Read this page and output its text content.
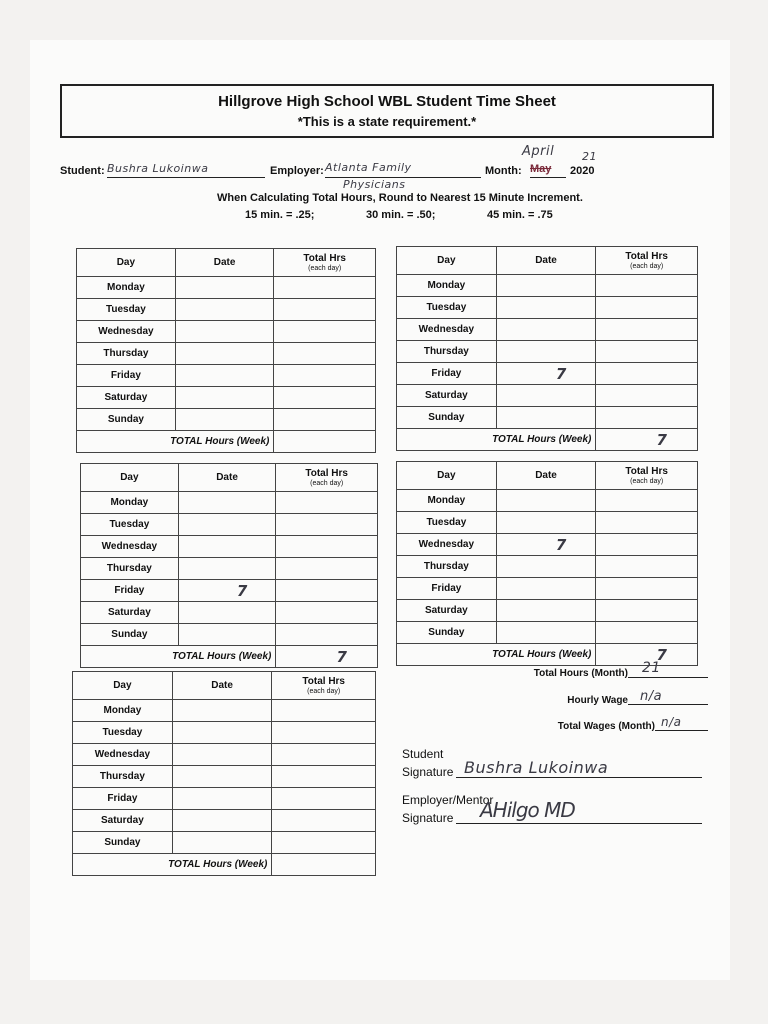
Hillgrove High School WBL Student Time Sheet
*This is a state requirement.*
Student: Bushra Lukoinwa	Employer: Atlanta Family
Physicians
Month:
April	21
May	2020
When Calculating Total Hours, Round to Nearest 15 Minute Increment.
15 min. = .25;	30 min. = .50;	45 min. = .75
Day	Date	Total Hrs
(each day)

Monday		
Tuesday		
Wednesday		
Thursday		
Friday		
Saturday		
Sunday		
TOTAL Hours (Week)		
Day	Date	Total Hrs
(each day)

Monday		
Tuesday		
Wednesday		
Thursday		
Friday	7	
Saturday		
Sunday		
TOTAL Hours (Week)		7
Day	Date	Total Hrs
(each day)

Monday		
Tuesday		
Wednesday		
Thursday		
Friday	7	
Saturday		
Sunday		
TOTAL Hours (Week)		7
Day	Date	Total Hrs
(each day)

Monday		
Tuesday		
Wednesday	7	
Thursday		
Friday		
Saturday		
Sunday		
TOTAL Hours (Week)		7
Day	Date	Total Hrs
(each day)

Monday		
Tuesday		
Wednesday		
Thursday		
Friday		
Saturday		
Sunday		
TOTAL Hours (Week)		
Total Hours (Month)	21
Hourly Wage n/a
Total Wages (Month) n/a
Student
Signature Bushra Lukoinwa
Employer/Mentor
Signature AHilgo MD
